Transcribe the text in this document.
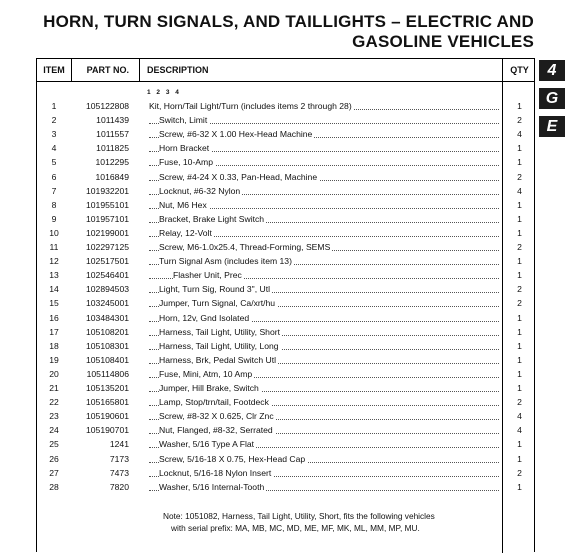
HORN, TURN SIGNALS, AND TAILLIGHTS – ELECTRIC AND
GASOLINE VEHICLES
ITEM	PART NO. DESCRIPTION	QTY
1 2 3 4
1	105122808 Kit, Horn/Tail Light/Turn (includes items 2 through 28)	1
2	1011439	Switch, Limit	2
3	1011557	Screw, #6-32 X 1.00 Hex-Head Machine	4
4	1011825	Horn Bracket	1
5	1012295	Fuse, 10-Amp	1
6	1016849	Screw, #4-24 X 0.33, Pan-Head, Machine	2
7	101932201	Locknut, #6-32 Nylon	4
8	101955101	Nut, M6 Hex	1
9	101957101	Bracket, Brake Light Switch	1
10	102199001	Relay, 12-Volt	1
11	102297125	Screw, M6-1.0x25.4, Thread-Forming, SEMS	2
12	102517501	Turn Signal Asm (includes item 13)	1
13	102546401	Flasher Unit, Prec	1
14	102894503	Light, Turn Sig, Round 3", Utl	2
15	103245001	Jumper, Turn Signal, Ca/xrt/hu	2
16	103484301	Horn, 12v, Gnd Isolated	1
17	105108201	Harness, Tail Light, Utility, Short	1
18	105108301	Harness, Tail Light, Utility, Long	1
19	105108401	Harness, Brk, Pedal Switch Utl	1
20	105114806	Fuse, Mini, Atm, 10 Amp	1
21	105135201	Jumper, Hill Brake, Switch	1
22	105165801	Lamp, Stop/trn/tail, Footdeck	2
23	105190601	Screw, #8-32 X 0.625, Clr Znc	4
24	105190701	Nut, Flanged, #8-32, Serrated	4
25	1241	Washer, 5/16 Type A Flat	1
26	7173	Screw, 5/16-18 X 0.75, Hex-Head Cap	1
27	7473	Locknut, 5/16-18 Nylon Insert	2
28	7820	Washer, 5/16 Internal-Tooth	1
Note: 1051082, Harness, Tail Light, Utility, Short, fits the following vehicles
with serial prefix: MA, MB, MC, MD, ME, MF, MK, ML, MM, MP, MU.
4
G
E
